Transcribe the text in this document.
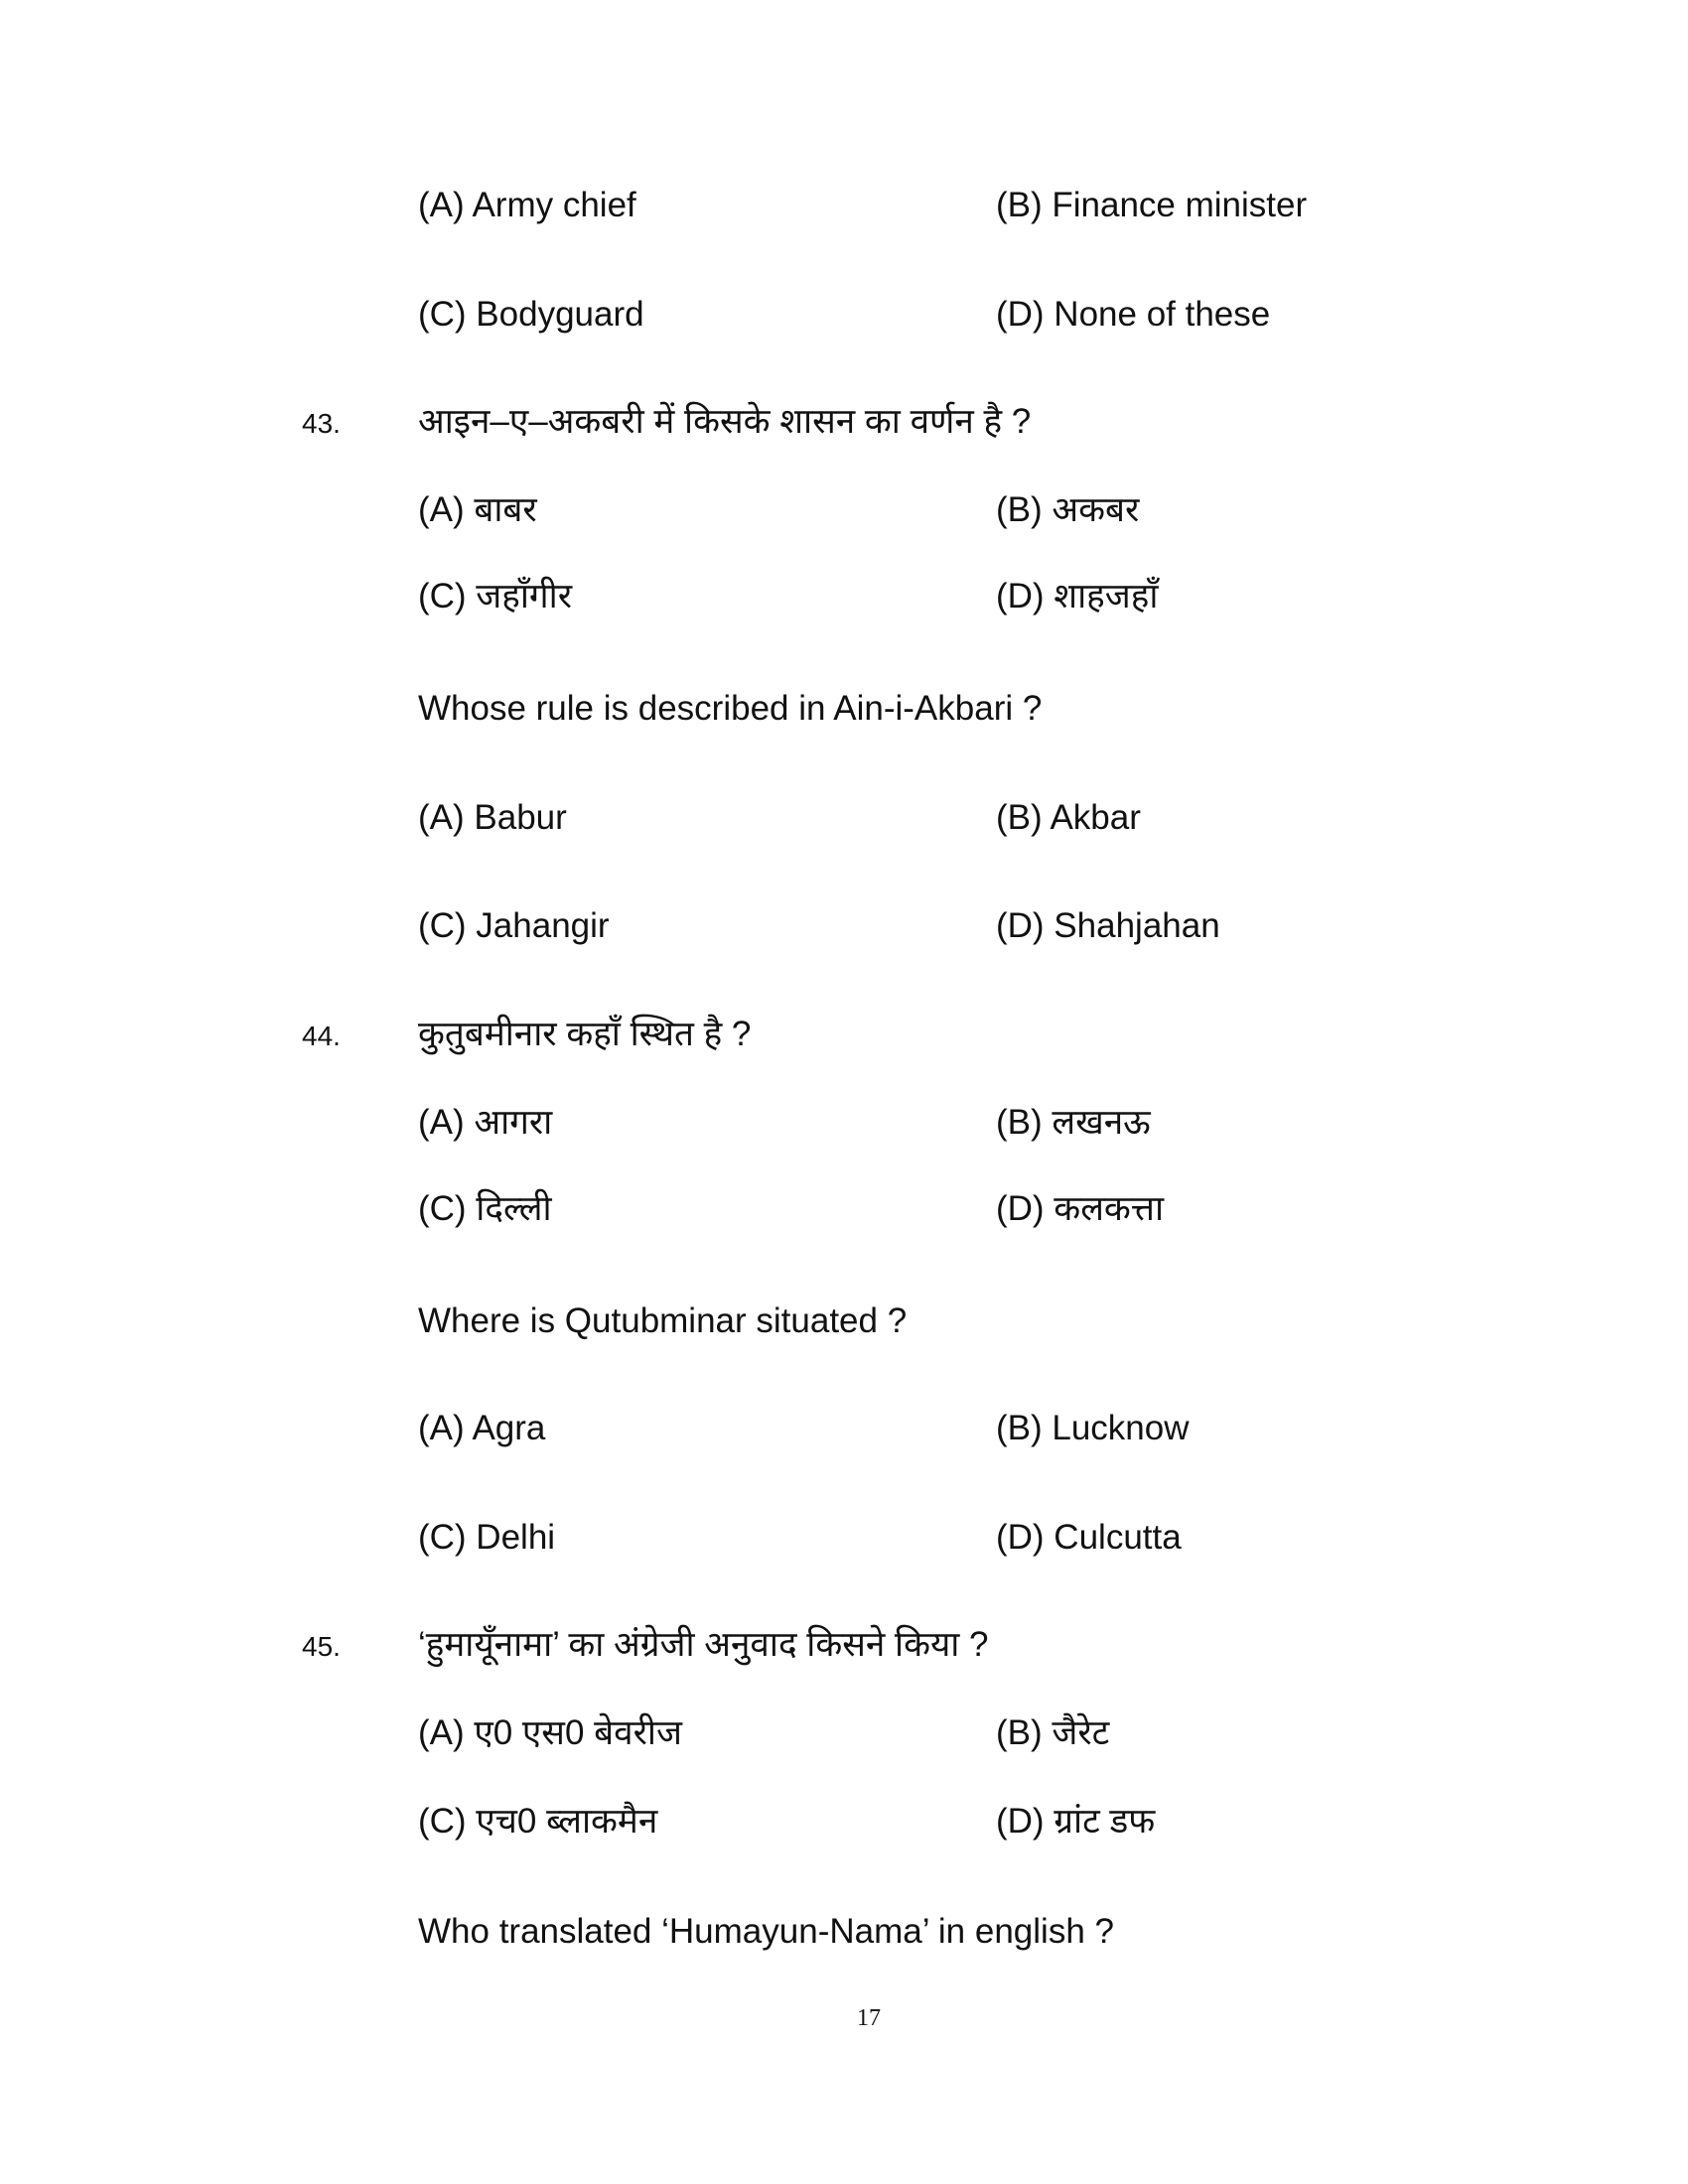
(A) Army chief	(B) Finance minister
(C) Bodyguard	(D) None of these
43. आइन–ए–अकबरी में किसके शासन का वर्णन है ?
(A) बाबर	(B) अकबर
(C) जहाँगीर	(D) शाहजहाँ
Whose rule is described in Ain-i-Akbari ?
(A) Babur	(B) Akbar
(C) Jahangir	(D) Shahjahan
44. कुतुबमीनार कहाँ स्थित है ?
(A) आगरा	(B) लखनऊ
(C) दिल्ली	(D) कलकत्ता
Where is Qutubminar situated ?
(A) Agra	(B) Lucknow
(C) Delhi	(D) Culcutta
45. ‘हुमायूँनामा’ का अंग्रेजी अनुवाद किसने किया ?
(A) ए0 एस0 बेवरीज	(B) जैरेट
(C) एच0 ब्लाकमैन	(D) ग्रांट डफ
Who translated ‘Humayun-Nama’ in english ?
17
